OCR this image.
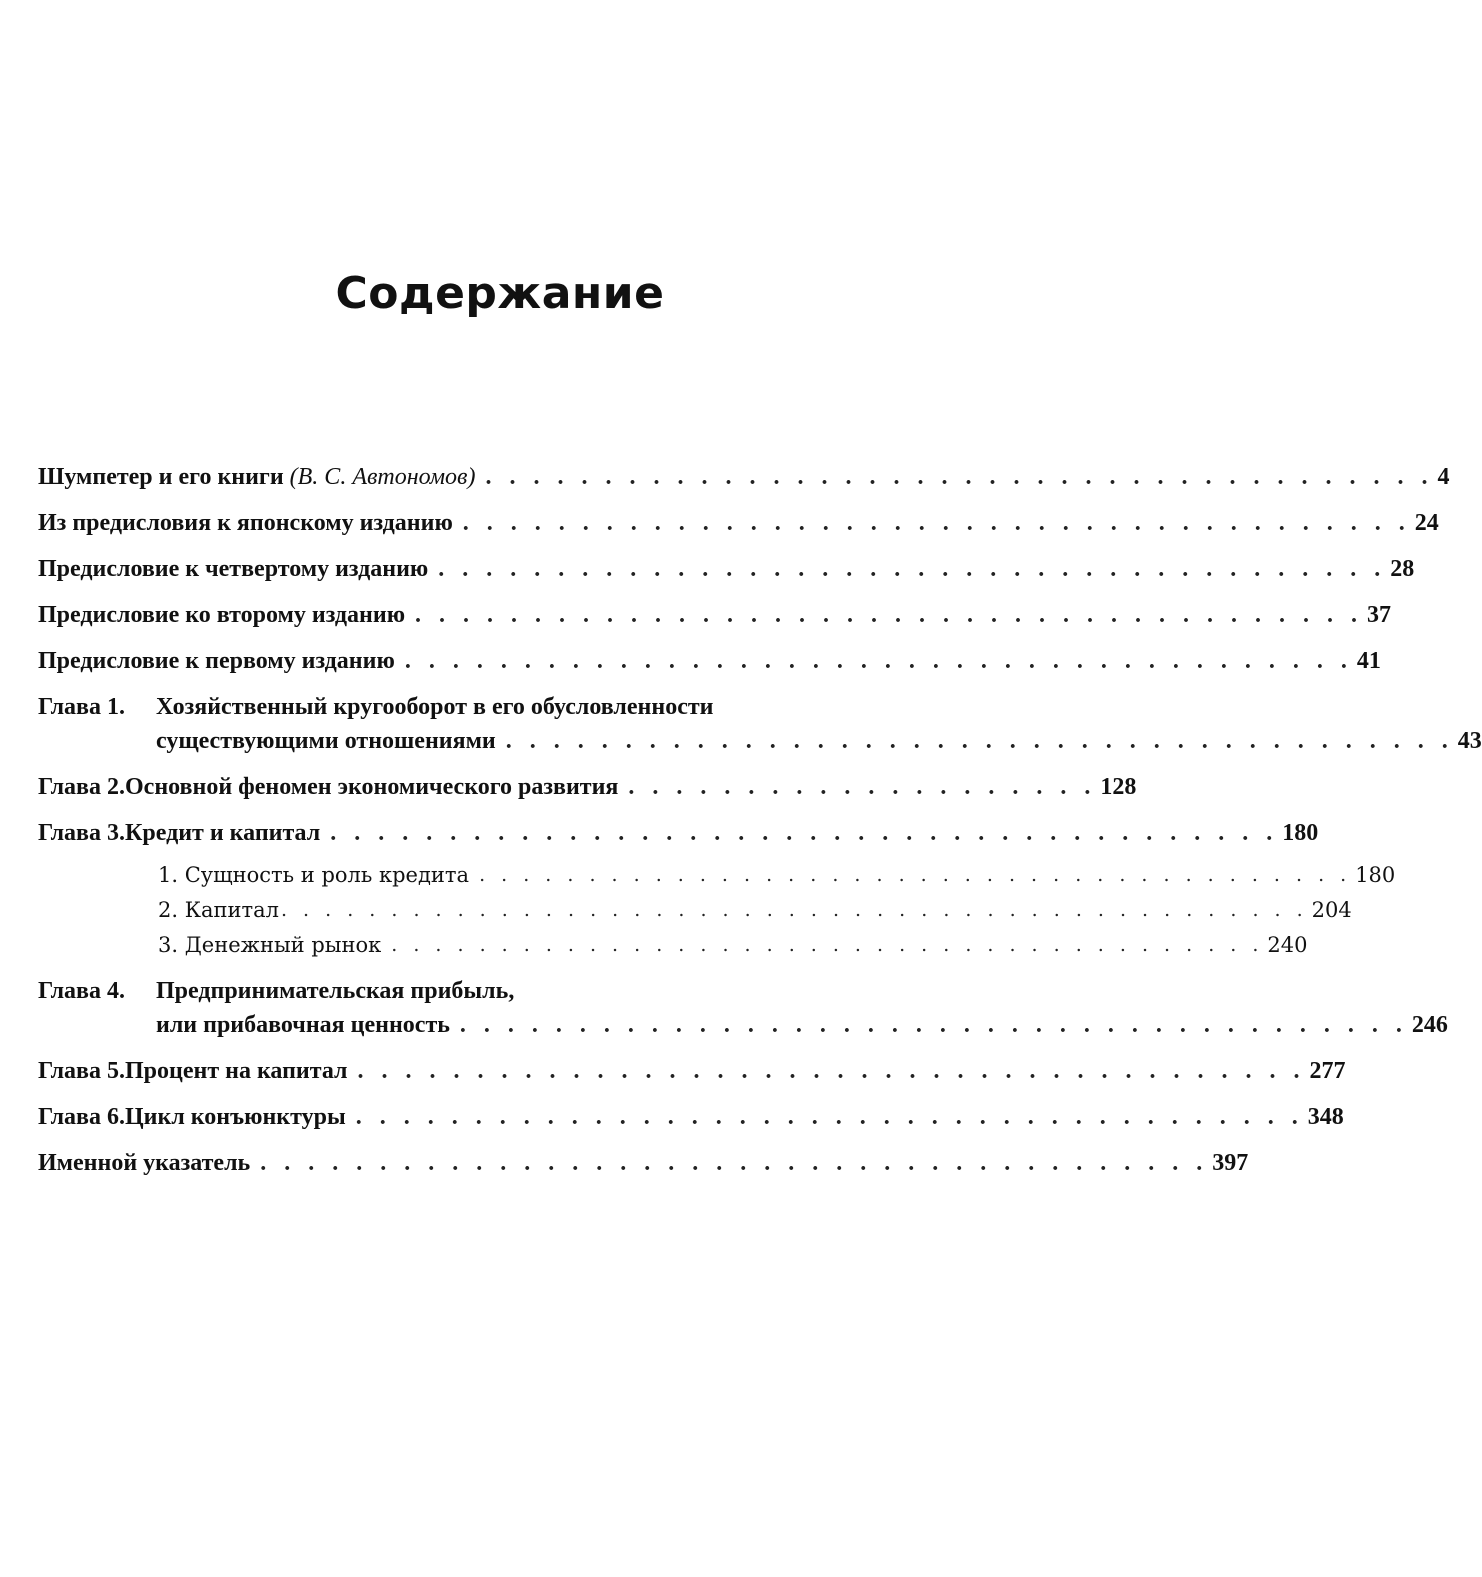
Содержание
Шумпетер и его книги (В. С. Автономов) . . . . . . . . . . . . . . . . . . . . . . . . . . . . . . . . . . . . . . . . 4
Из предисловия к японскому изданию . . . . . . . . . . . . . . . . . . . . . . . . . . . . . . . . . . . . . . . . 24
Предисловие к четвертому изданию . . . . . . . . . . . . . . . . . . . . . . . . . . . . . . . . . . . . . . . . 28
Предисловие ко второму изданию . . . . . . . . . . . . . . . . . . . . . . . . . . . . . . . . . . . . . . . . 37
Предисловие к первому изданию . . . . . . . . . . . . . . . . . . . . . . . . . . . . . . . . . . . . . . . . 41
Глава 1.	Хозяйственный кругооборот в его обусловленности
существующими отношениями . . . . . . . . . . . . . . . . . . . . . . . . . . . . . . . . . . . . . . . . 43
Глава 2. Основной феномен экономического развития . . . . . . . . . . . . . . . . . . . . 128
Глава 3. Кредит и капитал . . . . . . . . . . . . . . . . . . . . . . . . . . . . . . . . . . . . . . . . 180
1. Сущность и роль кредита . . . . . . . . . . . . . . . . . . . . . . . . . . . . . . . . . . . . . . . . 180
2. Капитал . . . . . . . . . . . . . . . . . . . . . . . . . . . . . . . . . . . . . . . . . . . . . . . 204
3. Денежный рынок . . . . . . . . . . . . . . . . . . . . . . . . . . . . . . . . . . . . . . . . 240
Глава 4.	Предпринимательская прибыль,
или прибавочная ценность . . . . . . . . . . . . . . . . . . . . . . . . . . . . . . . . . . . . . . . . 246
Глава 5. Процент на капитал . . . . . . . . . . . . . . . . . . . . . . . . . . . . . . . . . . . . . . . . 277
Глава 6. Цикл конъюнктуры . . . . . . . . . . . . . . . . . . . . . . . . . . . . . . . . . . . . . . . . 348
Именной указатель . . . . . . . . . . . . . . . . . . . . . . . . . . . . . . . . . . . . . . . . 397
